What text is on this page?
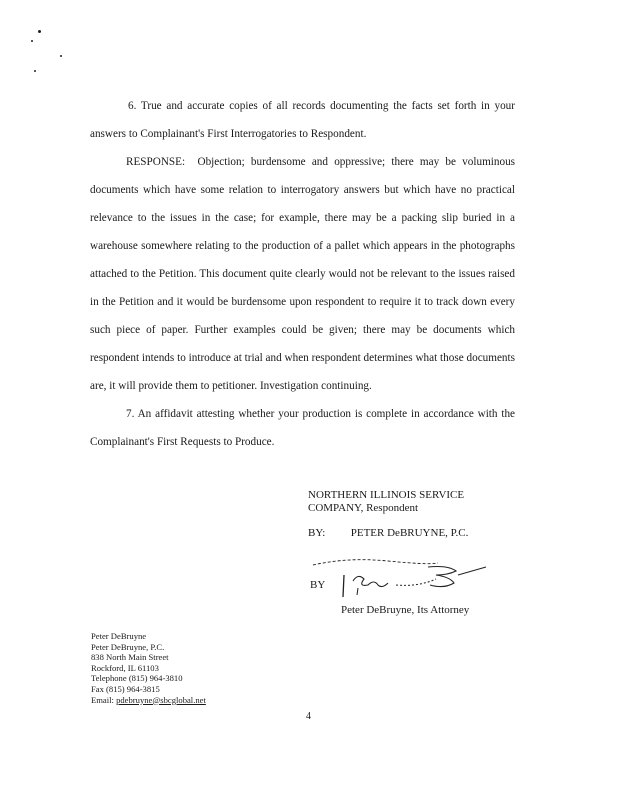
6. True and accurate copies of all records documenting the facts set forth in your answers to Complainant's First Interrogatories to Respondent.

RESPONSE: Objection; burdensome and oppressive; there may be voluminous documents which have some relation to interrogatory answers but which have no practical relevance to the issues in the case; for example, there may be a packing slip buried in a warehouse somewhere relating to the production of a pallet which appears in the photographs attached to the Petition. This document quite clearly would not be relevant to the issues raised in the Petition and it would be burdensome upon respondent to require it to track down every such piece of paper. Further examples could be given; there may be documents which respondent intends to introduce at trial and when respondent determines what those documents are, it will provide them to petitioner. Investigation continuing.

7. An affidavit attesting whether your production is complete in accordance with the Complainant's First Requests to Produce.

NORTHERN ILLINOIS SERVICE

COMPANY, Respondent

BY: PETER DeBRUYNE, P.C.
BY
Peter DeBruyne, Its Attorney
Peter DeBruyne
Peter DeBruyne, P.C.
838 North Main Street
Rockford, IL 61103
Telephone (815) 964-3810
Fax (815) 964-3815
Email: pdebruyne@sbcglobal.net
4
